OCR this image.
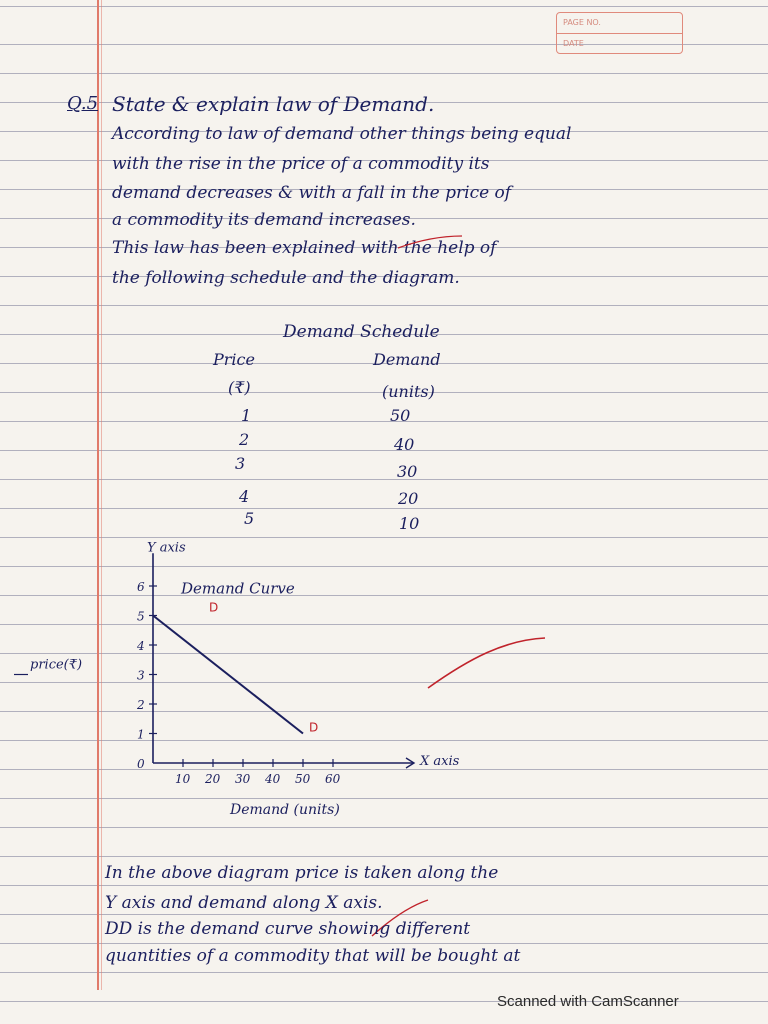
PAGE NO.
DATE
Q.5 State & explain law of Demand.
According to law of demand other things being equal
with the rise in the price of a commodity its
demand decreases & with a fall in the price of
a commodity its demand increases.
This law has been explained with the help of
the following schedule and the diagram.
Demand Schedule
Price	Demand
(₹)	(units)
1	50
2	40
3	30
4	20
5	10
Y axis
X axis
price(₹)
Demand Curve
1
2
3
4
5
6
0
10 20 30 40 50 60
D
D
Demand (units)
In the above diagram price is taken along the
Y axis and demand along X axis.
DD is the demand curve showing different
quantities of a commodity that will be bought at
Scanned with CamScanner
